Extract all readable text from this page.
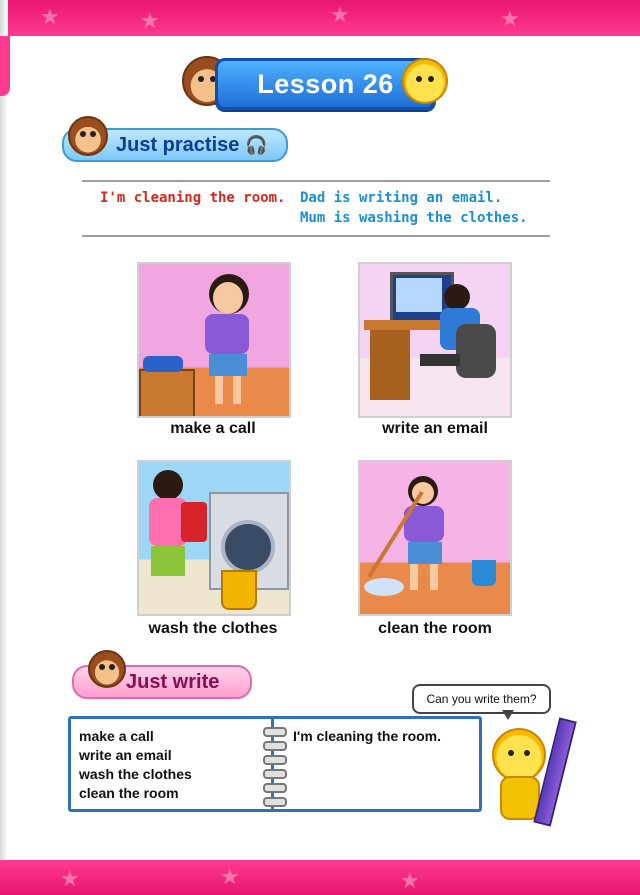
★	★	★	★
Lesson 26
Just practise 🎧
I'm cleaning the room. Dad is writing an email.
Mum is washing the clothes.
make a call	write an email
wash the clothes	clean the room
Just write
Can you write them?
make a call
write an email
wash the clothes
clean the room
I'm cleaning the room.
★	★	★
